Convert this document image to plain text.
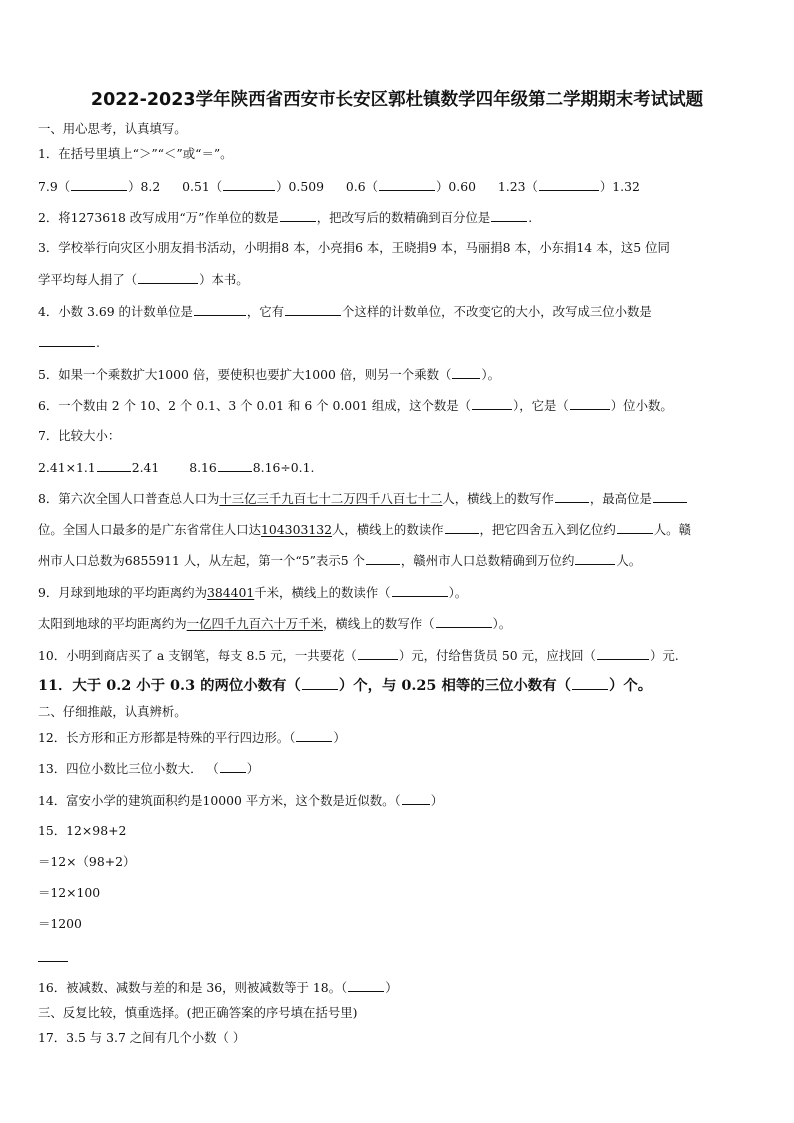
2022-2023学年陕西省西安市长安区郭杜镇数学四年级第二学期期末考试试题
一、用心思考，认真填写。
1．在括号里填上“＞”“＜”或“＝”。
7.9（	）8.2 0.51（	）0.509 0.6（	）0.60 1.23（	）1.32
2．将1273618 改写成用“万”作单位的数是	，把改写后的数精确到百分位是	.
3．学校举行向灾区小朋友捐书活动，小明捐8 本，小亮捐6 本，王晓捐9 本，马丽捐8 本，小东捐14 本，这5 位同
学平均每人捐了（	）本书。
4．小数 3.69 的计数单位是	，它有	个这样的计数单位，不改变它的大小，改写成三位小数是
.
5．如果一个乘数扩大1000 倍，要使积也要扩大1000 倍，则另一个乘数（ ）。
6．一个数由 2 个 10、2 个 0.1、3 个 0.01 和 6 个 0.001 组成，这个数是（	），它是（	）位小数。
7．比较大小：
2.41×1.1	2.41 8.16	8.16÷0.1.
8．第六次全国人口普查总人口为十三亿三千九百七十二万四千八百七十二人，横线上的数写作	，最高位是
位。全国人口最多的是广东省常住人口达104303132人，横线上的数读作	，把它四舍五入到亿位约	人。赣
州市人口总数为6855911 人，从左起，第一个“5”表示5 个	，赣州市人口总数精确到万位约	人。
9．月球到地球的平均距离约为384401千米，横线上的数读作（	）。
太阳到地球的平均距离约为一亿四千九百六十万千米，横线上的数写作（	）。
10．小明到商店买了 a 支钢笔，每支 8.5 元，一共要花（	）元，付给售货员 50 元，应找回（	）元.
11．大于 0.2 小于 0.3 的两位小数有（	）个，与 0.25 相等的三位小数有（	）个。
二、仔细推敲，认真辨析。
12．长方形和正方形都是特殊的平行四边形。（	）
13．四位小数比三位小数大． （ ）
14．富安小学的建筑面积约是10000 平方米，这个数是近似数。（ ）
15．12×98+2
＝12×（98+2）
＝12×100
＝1200
16．被减数、减数与差的和是 36，则被减数等于 18。（	）
三、反复比较，慎重选择。(把正确答案的序号填在括号里)
17．3.5 与 3.7 之间有几个小数（ ）
